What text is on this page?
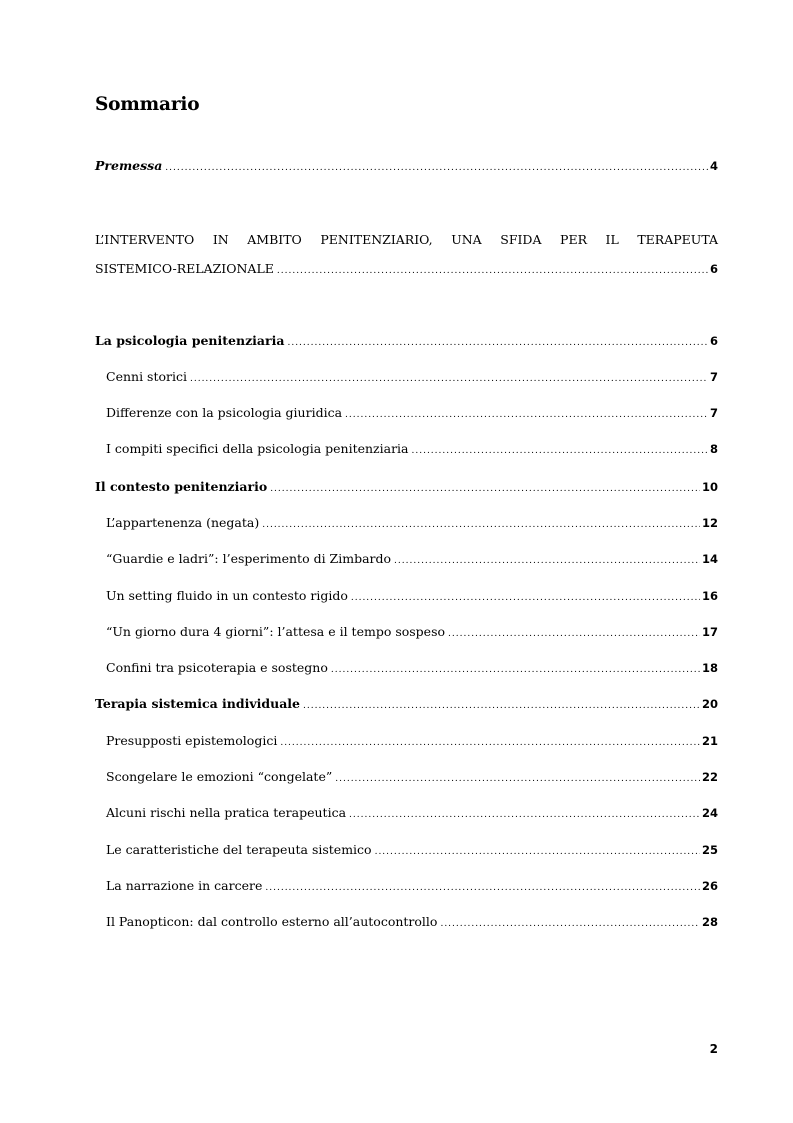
Sommario
Premessa .....	4
L’INTERVENTO IN AMBITO PENITENZIARIO, UNA SFIDA PER IL TERAPEUTA
SISTEMICO-RELAZIONALE .....	6
La psicologia penitenziaria .....	6
Cenni storici .....	7
Differenze con la psicologia giuridica .....	7
I compiti specifici della psicologia penitenziaria .....	8
Il contesto penitenziario .....	10
L’appartenenza (negata) .....	12
“Guardie e ladri”: l’esperimento di Zimbardo .....	14
Un setting fluido in un contesto rigido .....	16
“Un giorno dura 4 giorni”: l’attesa e il tempo sospeso .....	17
Confini tra psicoterapia e sostegno .....	18
Terapia sistemica individuale .....	20
Presupposti epistemologici .....	21
Scongelare le emozioni “congelate” .....	22
Alcuni rischi nella pratica terapeutica .....	24
Le caratteristiche del terapeuta sistemico .....	25
La narrazione in carcere .....	26
Il Panopticon: dal controllo esterno all’autocontrollo .....	28
2
